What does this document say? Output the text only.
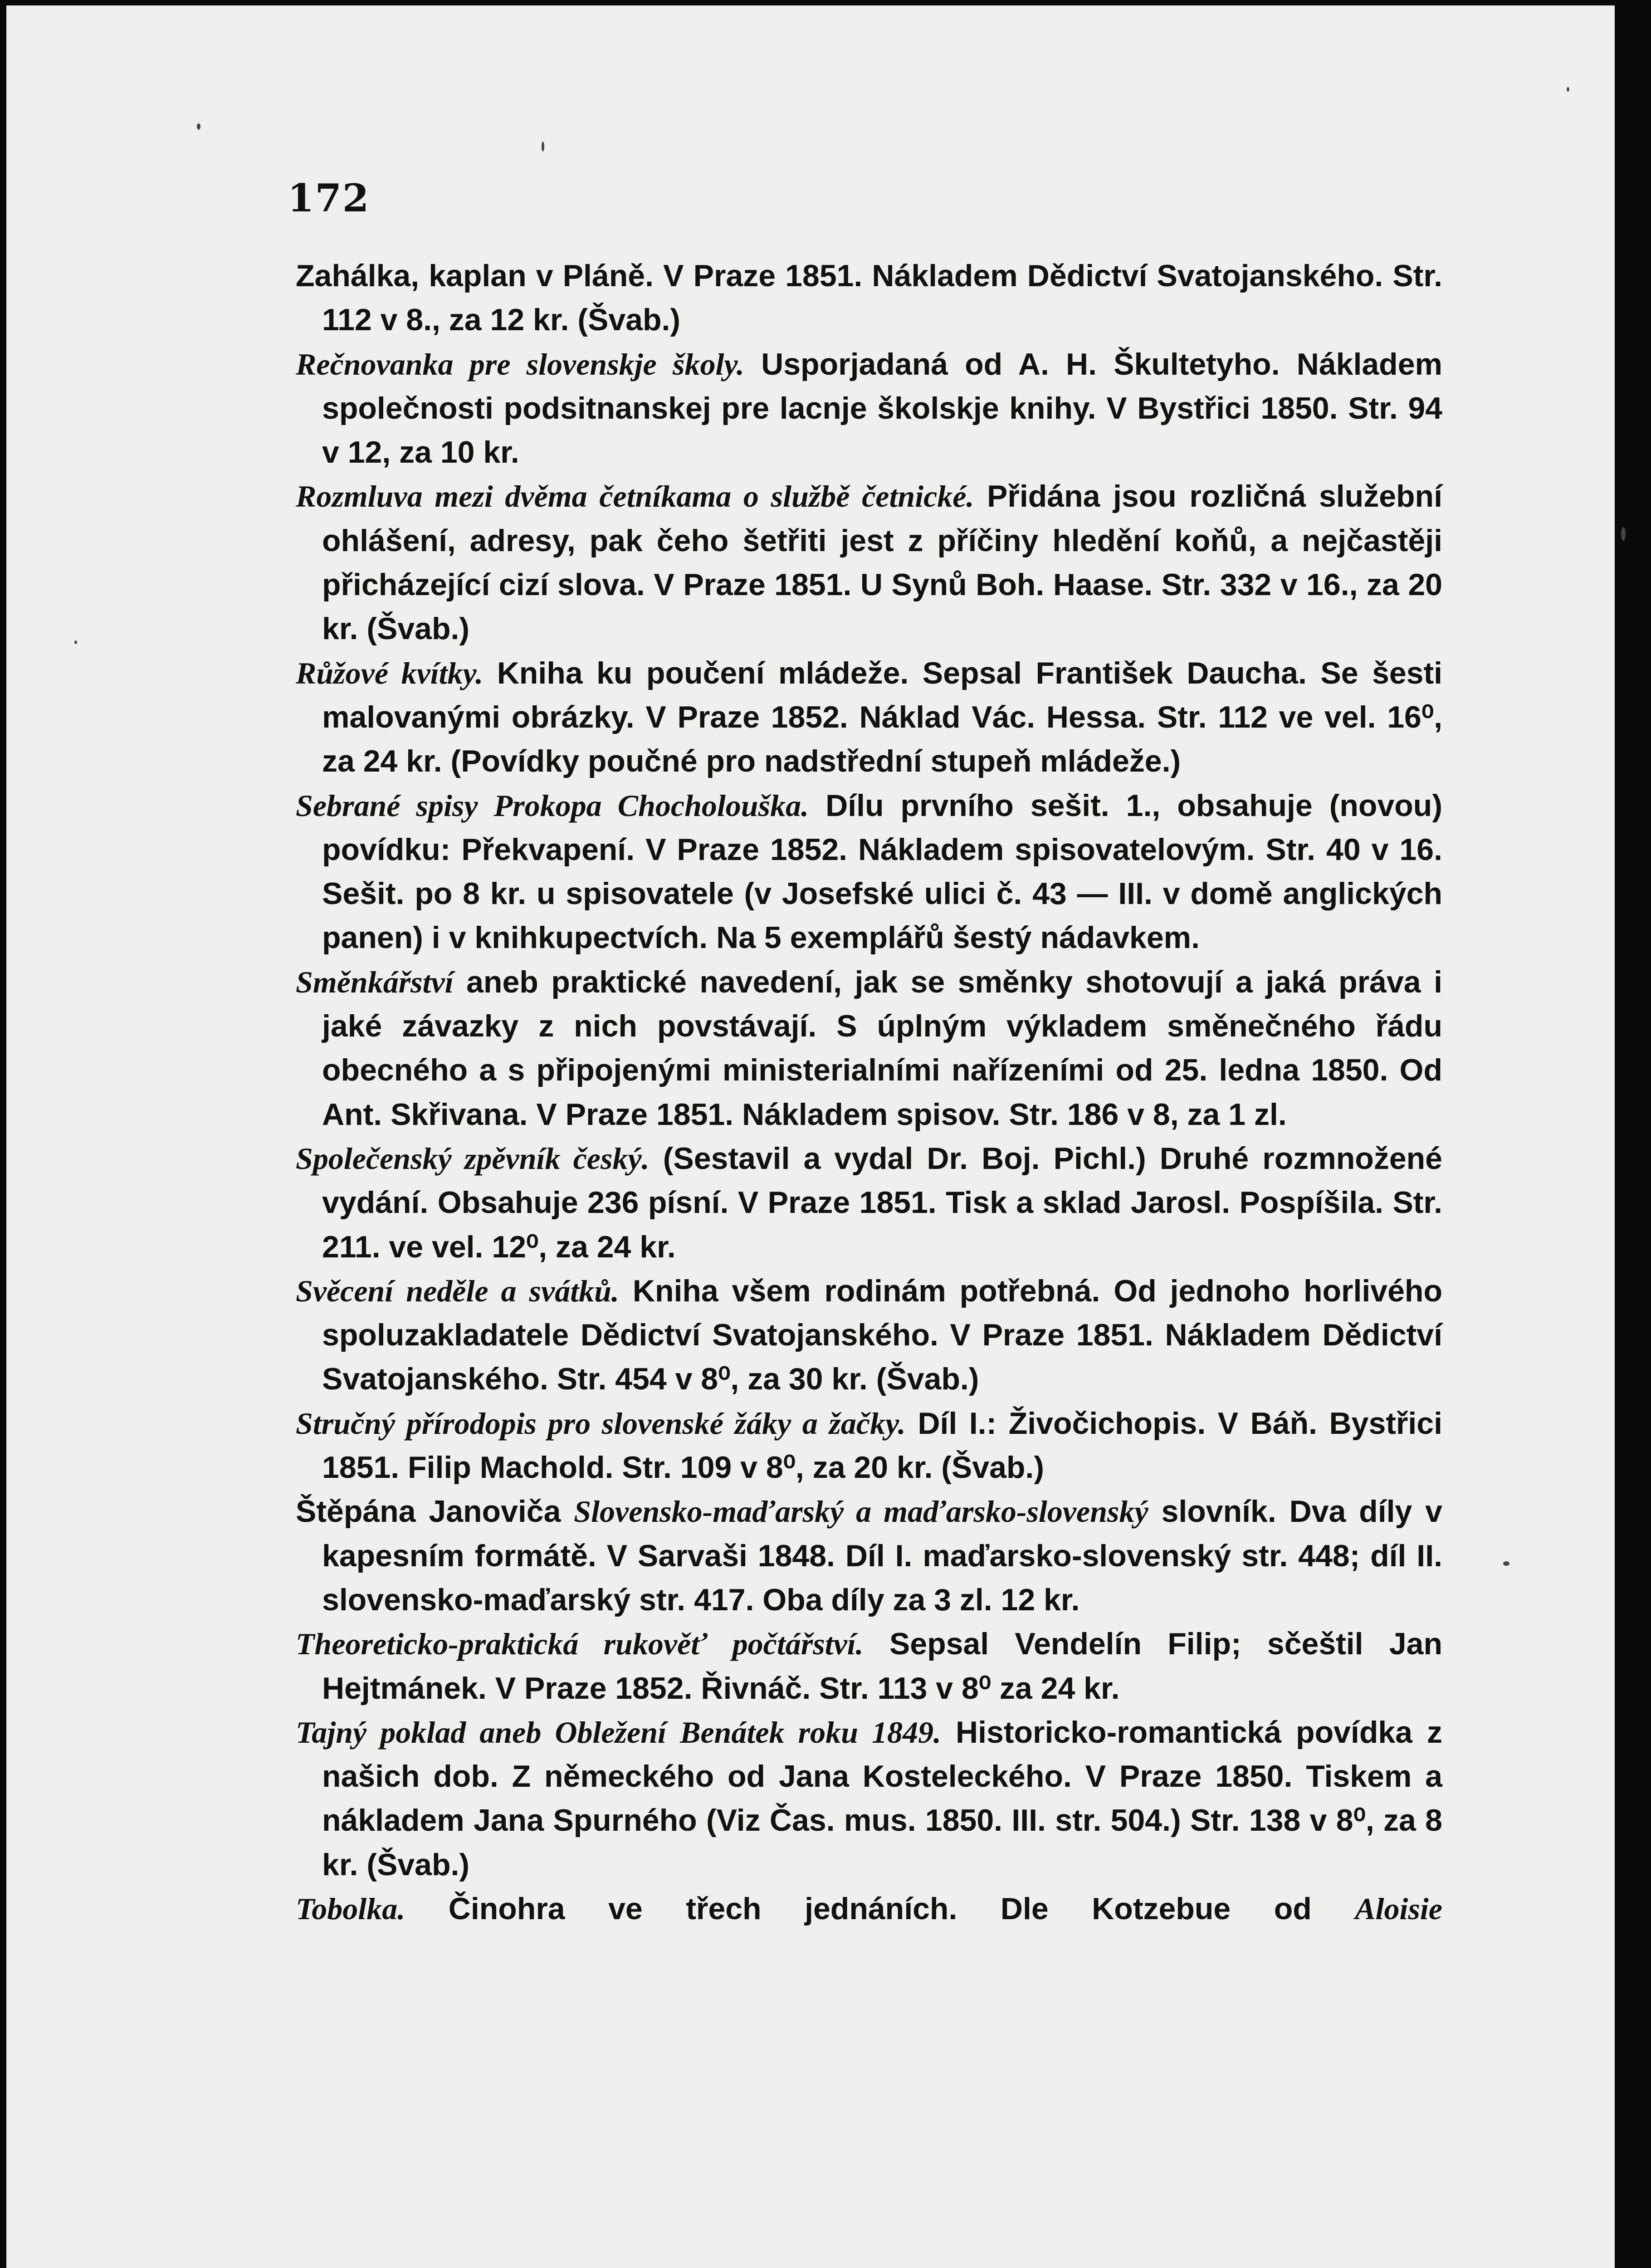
172

Zahálka, kaplan v Pláně. V Praze 1851. Nákladem Dědictví Svatojanského. Str. 112 v 8., za 12 kr. (Švab.)

Rečnovanka pre slovenskje školy. Usporjadaná od A. H. Škultetyho. Nákladem společnosti podsitnanskej pre lacnje školskje knihy. V Bystřici 1850. Str. 94 v 12, za 10 kr.

Rozmluva mezi dvěma četníkama o službě četnické. Přidána jsou rozličná služební ohlášení, adresy, pak čeho šetřiti jest z příčiny hledění koňů, a nejčastěji přicházející cizí slova. V Praze 1851. U Synů Boh. Haase. Str. 332 v 16., za 20 kr. (Švab.)

Růžové kvítky. Kniha ku poučení mládeže. Sepsal František Daucha. Se šesti malovanými obrázky. V Praze 1852. Náklad Vác. Hessa. Str. 112 ve vel. 16⁰, za 24 kr. (Povídky poučné pro nadstřední stupeň mládeže.)

Sebrané spisy Prokopa Chocholouška. Dílu prvního sešit. 1., obsahuje (novou) povídku: Překvapení. V Praze 1852. Nákladem spisovatelovým. Str. 40 v 16. Sešit. po 8 kr. u spisovatele (v Josefské ulici č. 43 — III. v domě anglických panen) i v knihkupectvích. Na 5 exemplářů šestý nádavkem.

Směnkářství aneb praktické navedení, jak se směnky shotovují a jaká práva i jaké závazky z nich povstávají. S úplným výkladem směnečného řádu obecného a s připojenými ministerialními nařízeními od 25. ledna 1850. Od Ant. Skřivana. V Praze 1851. Nákladem spisov. Str. 186 v 8, za 1 zl.

Společenský zpěvník český. (Sestavil a vydal Dr. Boj. Pichl.) Druhé rozmnožené vydání. Obsahuje 236 písní. V Praze 1851. Tisk a sklad Jarosl. Pospíšila. Str. 211. ve vel. 12⁰, za 24 kr.

Svěcení neděle a svátků. Kniha všem rodinám potřebná. Od jednoho horlivého spoluzakladatele Dědictví Svatojanského. V Praze 1851. Nákladem Dědictví Svatojanského. Str. 454 v 8⁰, za 30 kr. (Švab.)

Stručný přírodopis pro slovenské žáky a žačky. Díl I.: Živočichopis. V Báň. Bystřici 1851. Filip Machold. Str. 109 v 8⁰, za 20 kr. (Švab.)

Štěpána Janoviča Slovensko-maďarský a maďarsko-slovenský slovník. Dva díly v kapesním formátě. V Sarvaši 1848. Díl I. maďarsko-slovenský str. 448; díl II. slovensko-maďarský str. 417. Oba díly za 3 zl. 12 kr.

Theoreticko-praktická rukověť počtářství. Sepsal Vendelín Filip; sčeštil Jan Hejtmánek. V Praze 1852. Řivnáč. Str. 113 v 8⁰ za 24 kr.

Tajný poklad aneb Obležení Benátek roku 1849. Historicko-romantická povídka z našich dob. Z německého od Jana Kosteleckého. V Praze 1850. Tiskem a nákladem Jana Spurného (Viz Čas. mus. 1850. III. str. 504.) Str. 138 v 8⁰, za 8 kr. (Švab.)

Tobolka. Činohra ve třech jednáních. Dle Kotzebue od Aloisie
